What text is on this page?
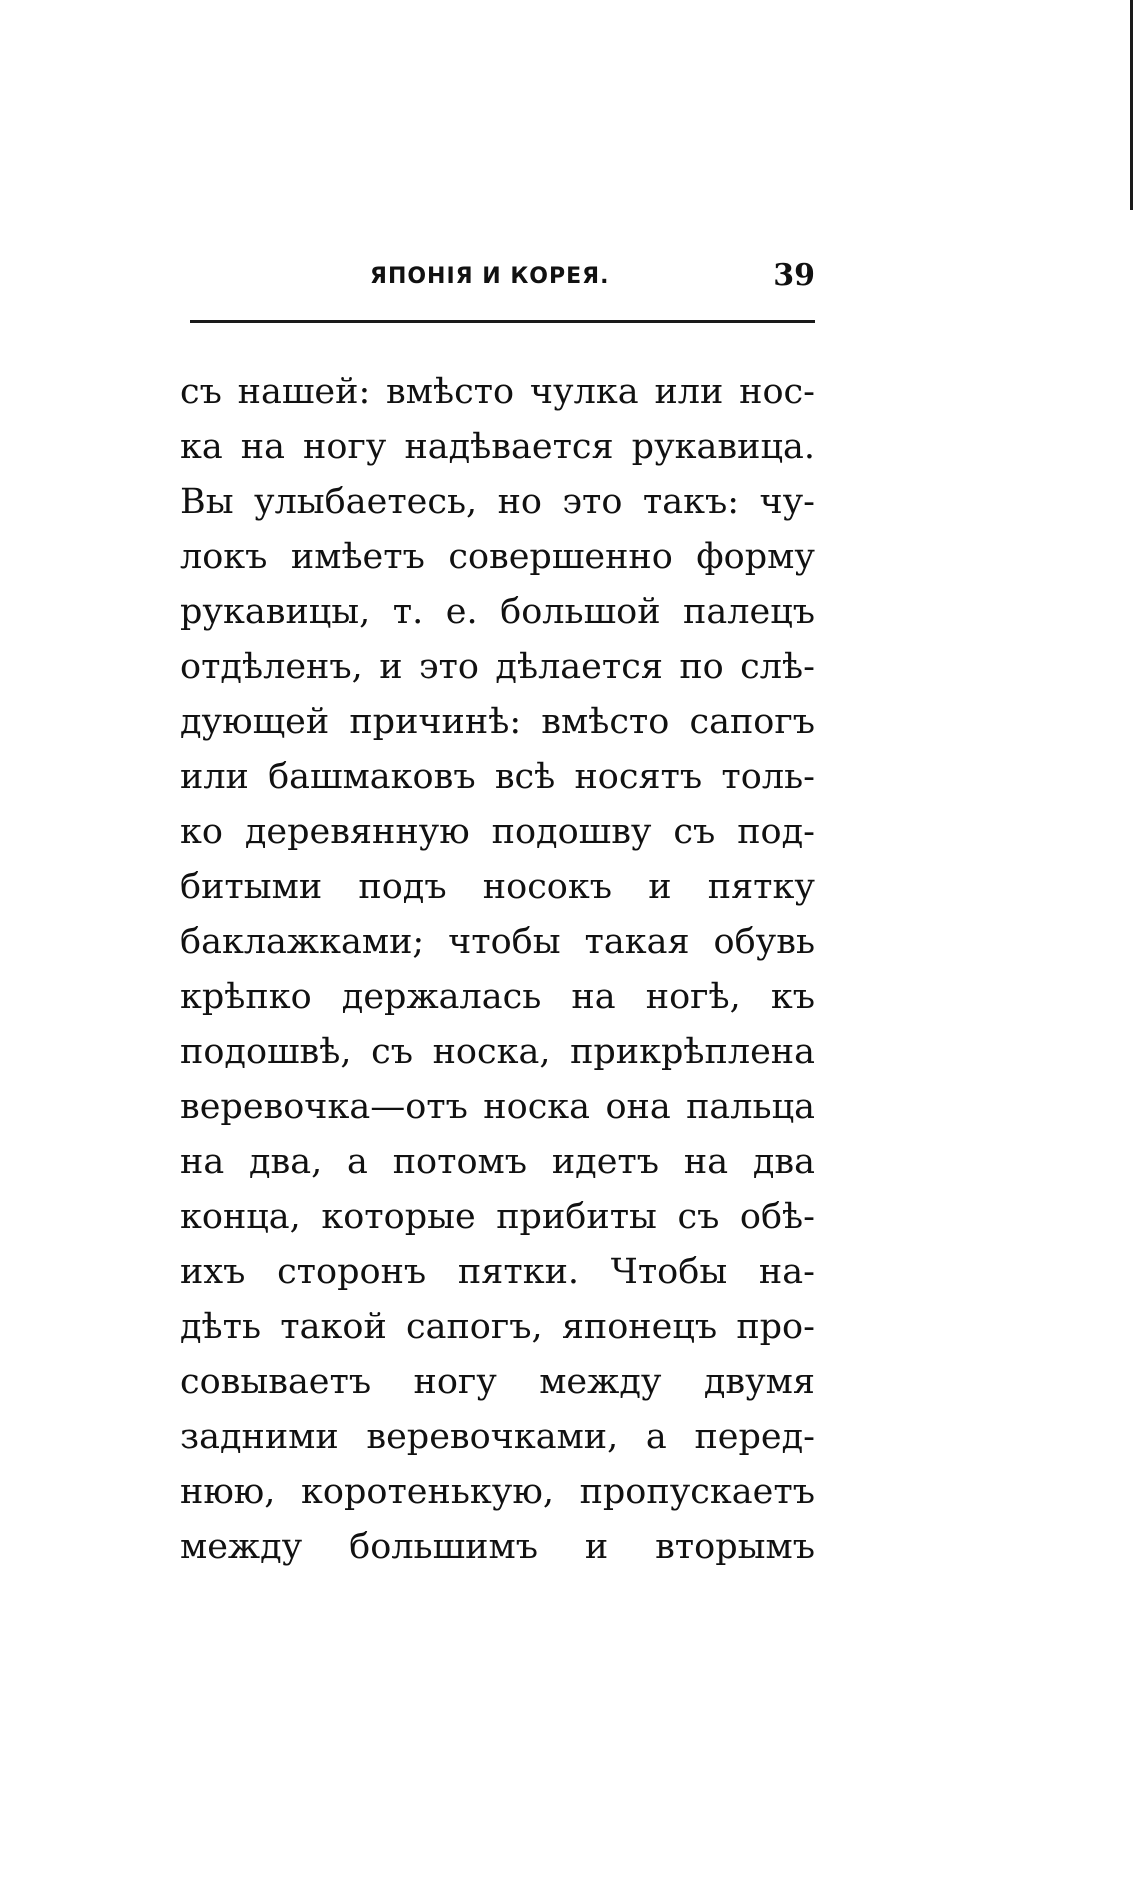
ЯПОНІЯ И КОРЕЯ.	39
съ нашей: вмѣсто чулка или нос-
ка на ногу надѣвается рукавица.
Вы улыбаетесь, но это такъ: чу-
локъ имѣетъ совершенно форму
рукавицы, т. е. большой палецъ
отдѣленъ, и это дѣлается по слѣ-
дующей причинѣ: вмѣсто сапогъ
или башмаковъ всѣ носятъ толь-
ко деревянную подошву съ под-
битыми подъ носокъ и пятку
баклажками; чтобы такая обувь
крѣпко держалась на ногѣ, къ
подошвѣ, съ носка, прикрѣплена
веревочка—отъ носка она пальца
на два, а потомъ идетъ на два
конца, которые прибиты съ обѣ-
ихъ сторонъ пятки. Чтобы на-
дѣть такой сапогъ, японецъ про-
совываетъ ногу между двумя
задними веревочками, а перед-
нюю, коротенькую, пропускаетъ
между большимъ и вторымъ
